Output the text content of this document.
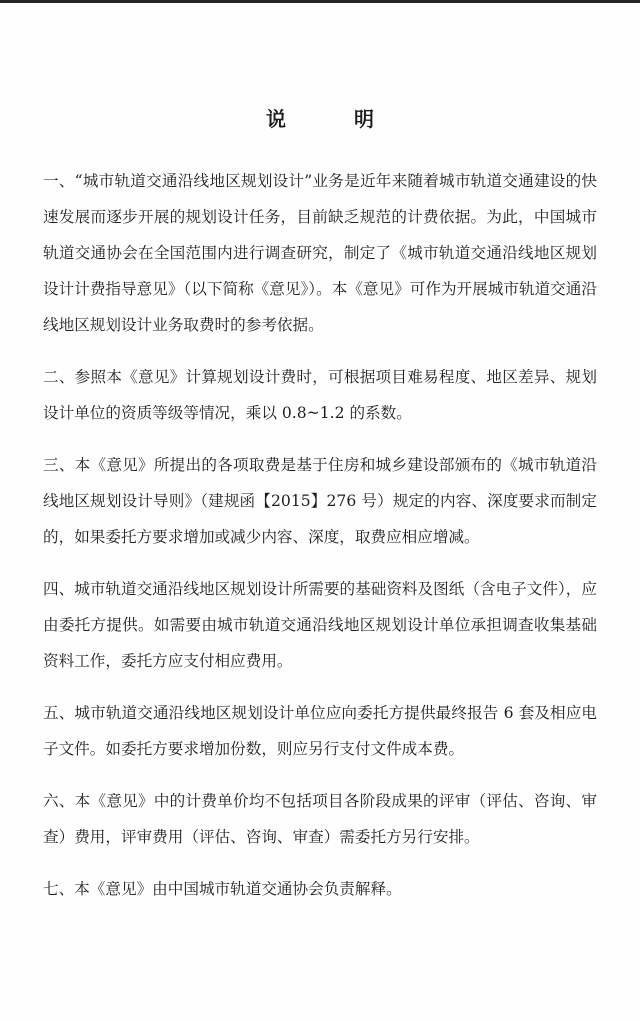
说　明

一、“城市轨道交通沿线地区规划设计”业务是近年来随着城市轨道交通建设的快速发展而逐步开展的规划设计任务，目前缺乏规范的计费依据。为此，中国城市轨道交通协会在全国范围内进行调查研究，制定了《城市轨道交通沿线地区规划设计计费指导意见》（以下简称《意见》）。本《意见》可作为开展城市轨道交通沿线地区规划设计业务取费时的参考依据。

二、参照本《意见》计算规划设计费时，可根据项目难易程度、地区差异、规划设计单位的资质等级等情况，乘以 0.8~1.2 的系数。

三、本《意见》所提出的各项取费是基于住房和城乡建设部颁布的《城市轨道沿线地区规划设计导则》（建规函【2015】276 号）规定的内容、深度要求而制定的，如果委托方要求增加或减少内容、深度，取费应相应增减。

四、城市轨道交通沿线地区规划设计所需要的基础资料及图纸（含电子文件），应由委托方提供。如需要由城市轨道交通沿线地区规划设计单位承担调查收集基础资料工作，委托方应支付相应费用。

五、城市轨道交通沿线地区规划设计单位应向委托方提供最终报告 6 套及相应电子文件。如委托方要求增加份数，则应另行支付文件成本费。

六、本《意见》中的计费单价均不包括项目各阶段成果的评审（评估、咨询、审查）费用，评审费用（评估、咨询、审查）需委托方另行安排。

七、本《意见》由中国城市轨道交通协会负责解释。
